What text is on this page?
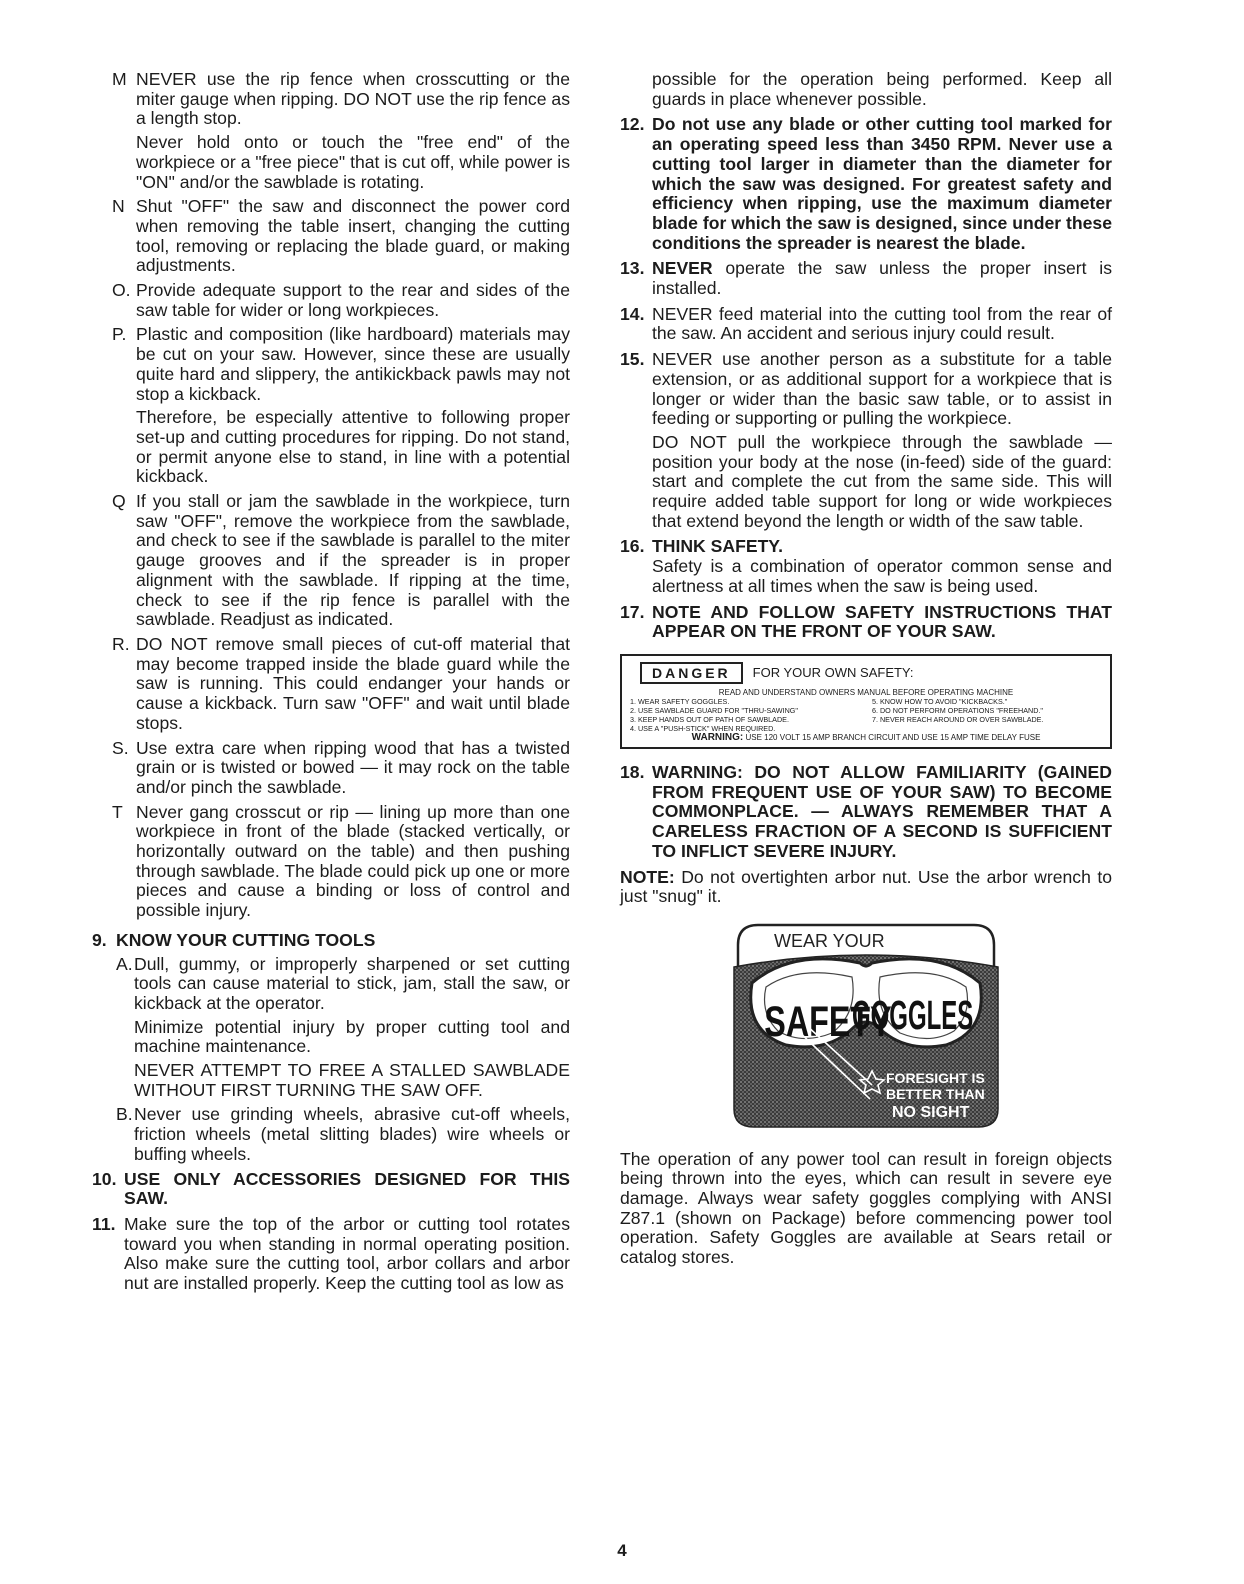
M NEVER use the rip fence when crosscutting or the miter gauge when ripping. DO NOT use the rip fence as a length stop.
Never hold onto or touch the "free end" of the workpiece or a "free piece" that is cut off, while power is "ON" and/or the sawblade is rotating.
N Shut "OFF" the saw and disconnect the power cord when removing the table insert, changing the cutting tool, removing or replacing the blade guard, or making adjustments.
O. Provide adequate support to the rear and sides of the saw table for wider or long workpieces.
P. Plastic and composition (like hardboard) materials may be cut on your saw. However, since these are usually quite hard and slippery, the antikickback pawls may not stop a kickback.
Therefore, be especially attentive to following proper set-up and cutting procedures for ripping. Do not stand, or permit anyone else to stand, in line with a potential kickback.
Q If you stall or jam the sawblade in the workpiece, turn saw "OFF", remove the workpiece from the sawblade, and check to see if the sawblade is parallel to the miter gauge grooves and if the spreader is in proper alignment with the sawblade. If ripping at the time, check to see if the rip fence is parallel with the sawblade. Readjust as indicated.
R. DO NOT remove small pieces of cut-off material that may become trapped inside the blade guard while the saw is running. This could endanger your hands or cause a kickback. Turn saw "OFF" and wait until blade stops.
S. Use extra care when ripping wood that has a twisted grain or is twisted or bowed — it may rock on the table and/or pinch the sawblade.
T Never gang crosscut or rip — lining up more than one workpiece in front of the blade (stacked vertically, or horizontally outward on the table) and then pushing through sawblade. The blade could pick up one or more pieces and cause a binding or loss of control and possible injury.
9. KNOW YOUR CUTTING TOOLS
A. Dull, gummy, or improperly sharpened or set cutting tools can cause material to stick, jam, stall the saw, or kickback at the operator.
Minimize potential injury by proper cutting tool and machine maintenance.
NEVER ATTEMPT TO FREE A STALLED SAWBLADE WITHOUT FIRST TURNING THE SAW OFF.
B. Never use grinding wheels, abrasive cut-off wheels, friction wheels (metal slitting blades) wire wheels or buffing wheels.
10. USE ONLY ACCESSORIES DESIGNED FOR THIS SAW.
11. Make sure the top of the arbor or cutting tool rotates toward you when standing in normal operating position. Also make sure the cutting tool, arbor collars and arbor nut are installed properly. Keep the cutting tool as low as
possible for the operation being performed. Keep all guards in place whenever possible.
12. Do not use any blade or other cutting tool marked for an operating speed less than 3450 RPM. Never use a cutting tool larger in diameter than the diameter for which the saw was designed. For greatest safety and efficiency when ripping, use the maximum diameter blade for which the saw is designed, since under these conditions the spreader is nearest the blade.
13. NEVER operate the saw unless the proper insert is installed.
14. NEVER feed material into the cutting tool from the rear of the saw. An accident and serious injury could result.
15. NEVER use another person as a substitute for a table extension, or as additional support for a workpiece that is longer or wider than the basic saw table, or to assist in feeding or supporting or pulling the workpiece.
DO NOT pull the workpiece through the sawblade — position your body at the nose (in-feed) side of the guard: start and complete the cut from the same side. This will require added table support for long or wide workpieces that extend beyond the length or width of the saw table.
16. THINK SAFETY.
Safety is a combination of operator common sense and alertness at all times when the saw is being used.
17. NOTE AND FOLLOW SAFETY INSTRUCTIONS THAT APPEAR ON THE FRONT OF YOUR SAW.
DANGER	FOR YOUR OWN SAFETY:
READ AND UNDERSTAND OWNERS MANUAL BEFORE OPERATING MACHINE
1. WEAR SAFETY GOGGLES.	5. KNOW HOW TO AVOID "KICKBACKS."
2. USE SAWBLADE GUARD FOR "THRU-SAWING"	6. DO NOT PERFORM OPERATIONS "FREEHAND."
3. KEEP HANDS OUT OF PATH OF SAWBLADE.	7. NEVER REACH AROUND OR OVER SAWBLADE.
4. USE A "PUSH-STICK" WHEN REQUIRED.
WARNING: USE 120 VOLT 15 AMP BRANCH CIRCUIT AND USE 15 AMP TIME DELAY FUSE
18. WARNING: DO NOT ALLOW FAMILIARITY (GAINED FROM FREQUENT USE OF YOUR SAW) TO BECOME COMMONPLACE. — ALWAYS REMEMBER THAT A CARELESS FRACTION OF A SECOND IS SUFFICIENT TO INFLICT SEVERE INJURY.
NOTE: Do not overtighten arbor nut. Use the arbor wrench to just "snug" it.
WEAR YOUR
SAFETY
GOGGLES
FORESIGHT IS
BETTER THAN
NO SIGHT
The operation of any power tool can result in foreign objects being thrown into the eyes, which can result in severe eye damage. Always wear safety goggles complying with ANSI Z87.1 (shown on Package) before commencing power tool operation. Safety Goggles are available at Sears retail or catalog stores.
4
